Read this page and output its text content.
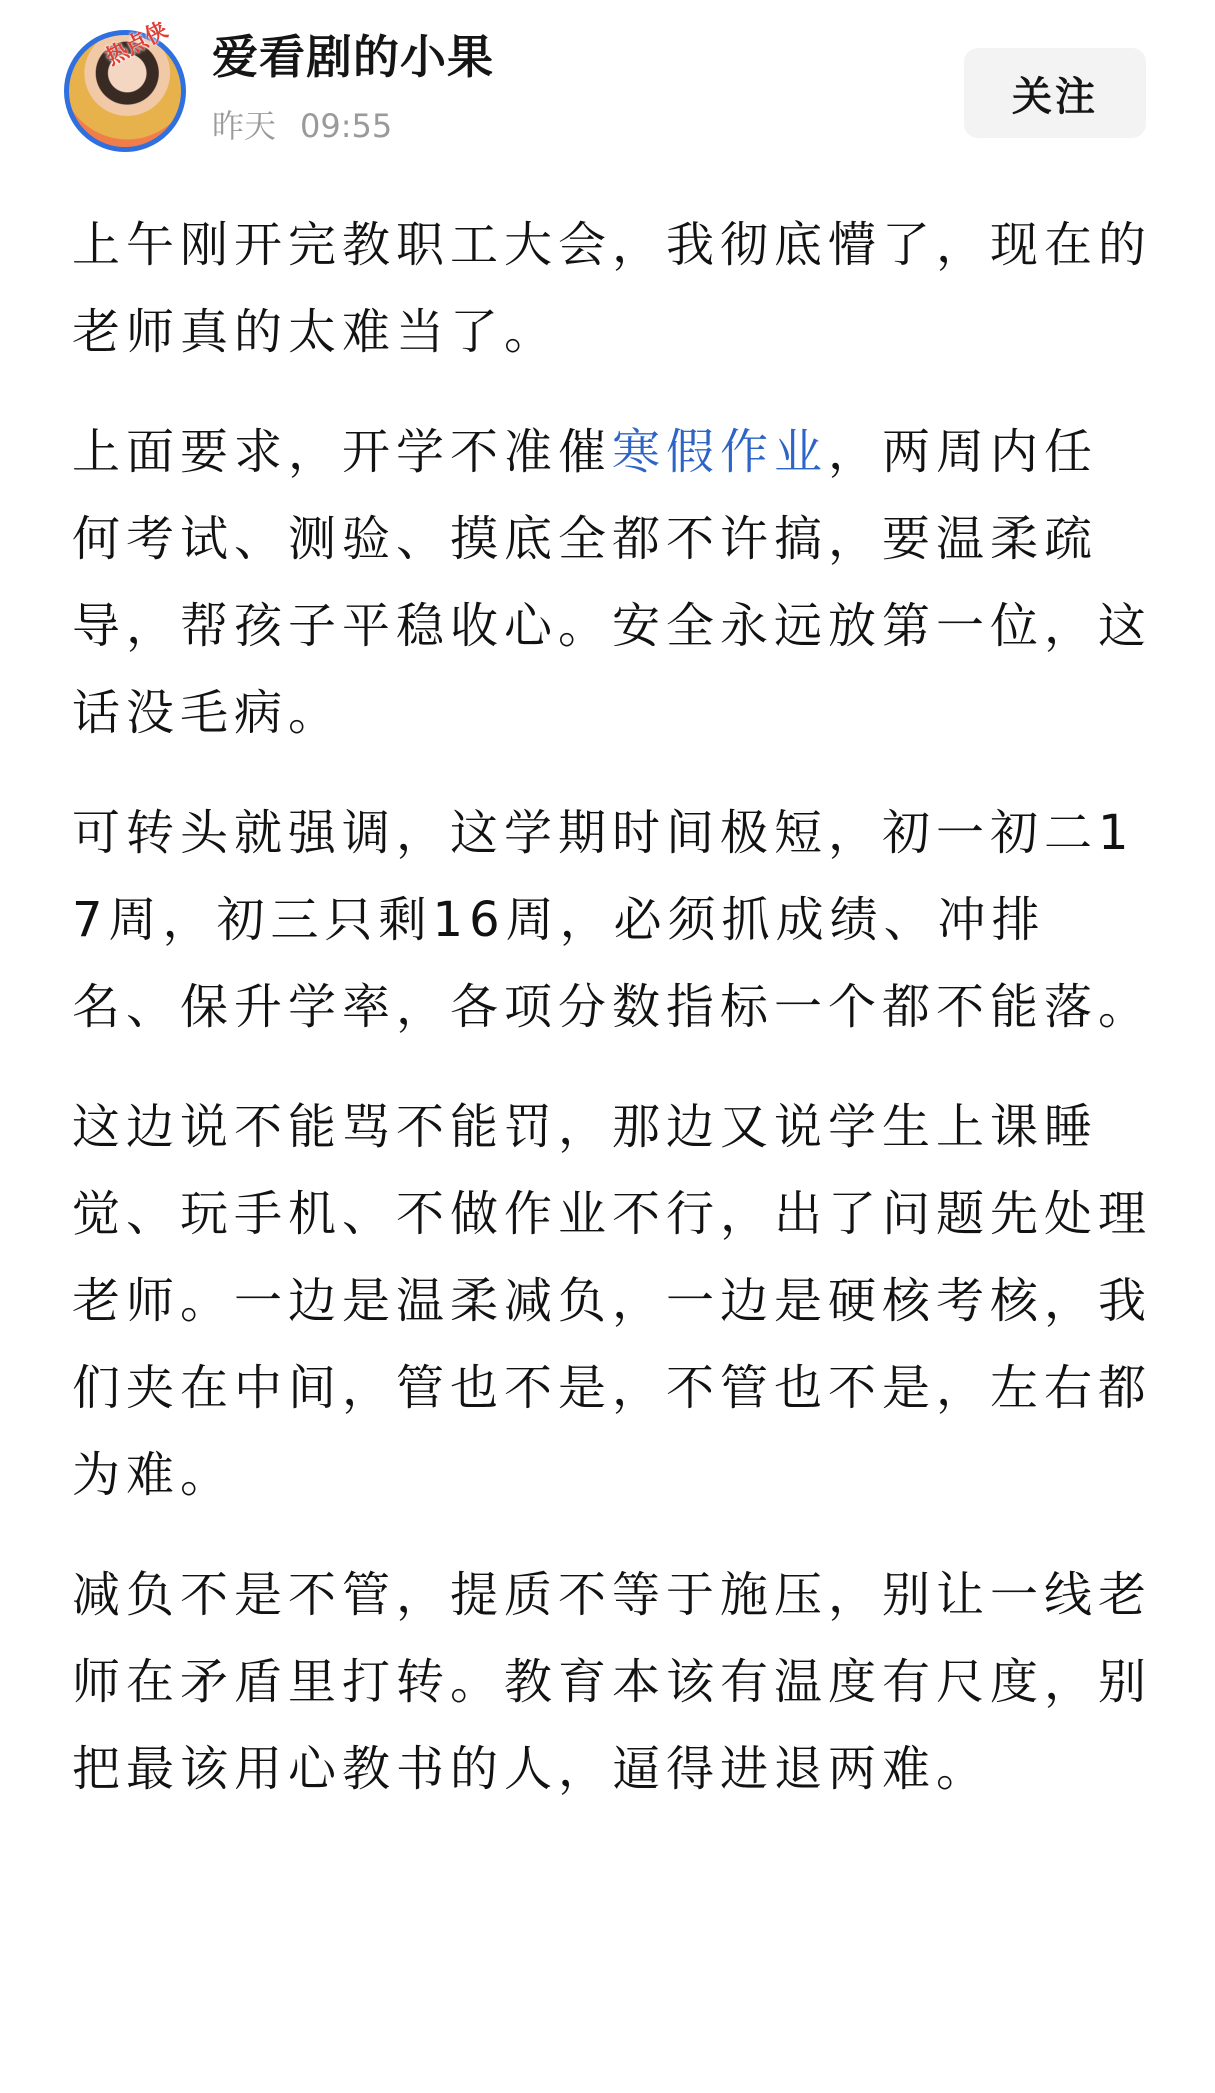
热点侠 爱看剧的小果
昨天 09:55
关注

上午刚开完教职工大会，我彻底懵了，现在的老师真的太难当了。

上面要求，开学不准催寒假作业，两周内任何考试、测验、摸底全都不许搞，要温柔疏导，帮孩子平稳收心。安全永远放第一位，这话没毛病。

可转头就强调，这学期时间极短，初一初二17周，初三只剩16周，必须抓成绩、冲排名、保升学率，各项分数指标一个都不能落。

这边说不能骂不能罚，那边又说学生上课睡觉、玩手机、不做作业不行，出了问题先处理老师。一边是温柔减负，一边是硬核考核，我们夹在中间，管也不是，不管也不是，左右都为难。

减负不是不管，提质不等于施压，别让一线老师在矛盾里打转。教育本该有温度有尺度，别把最该用心教书的人，逼得进退两难。
